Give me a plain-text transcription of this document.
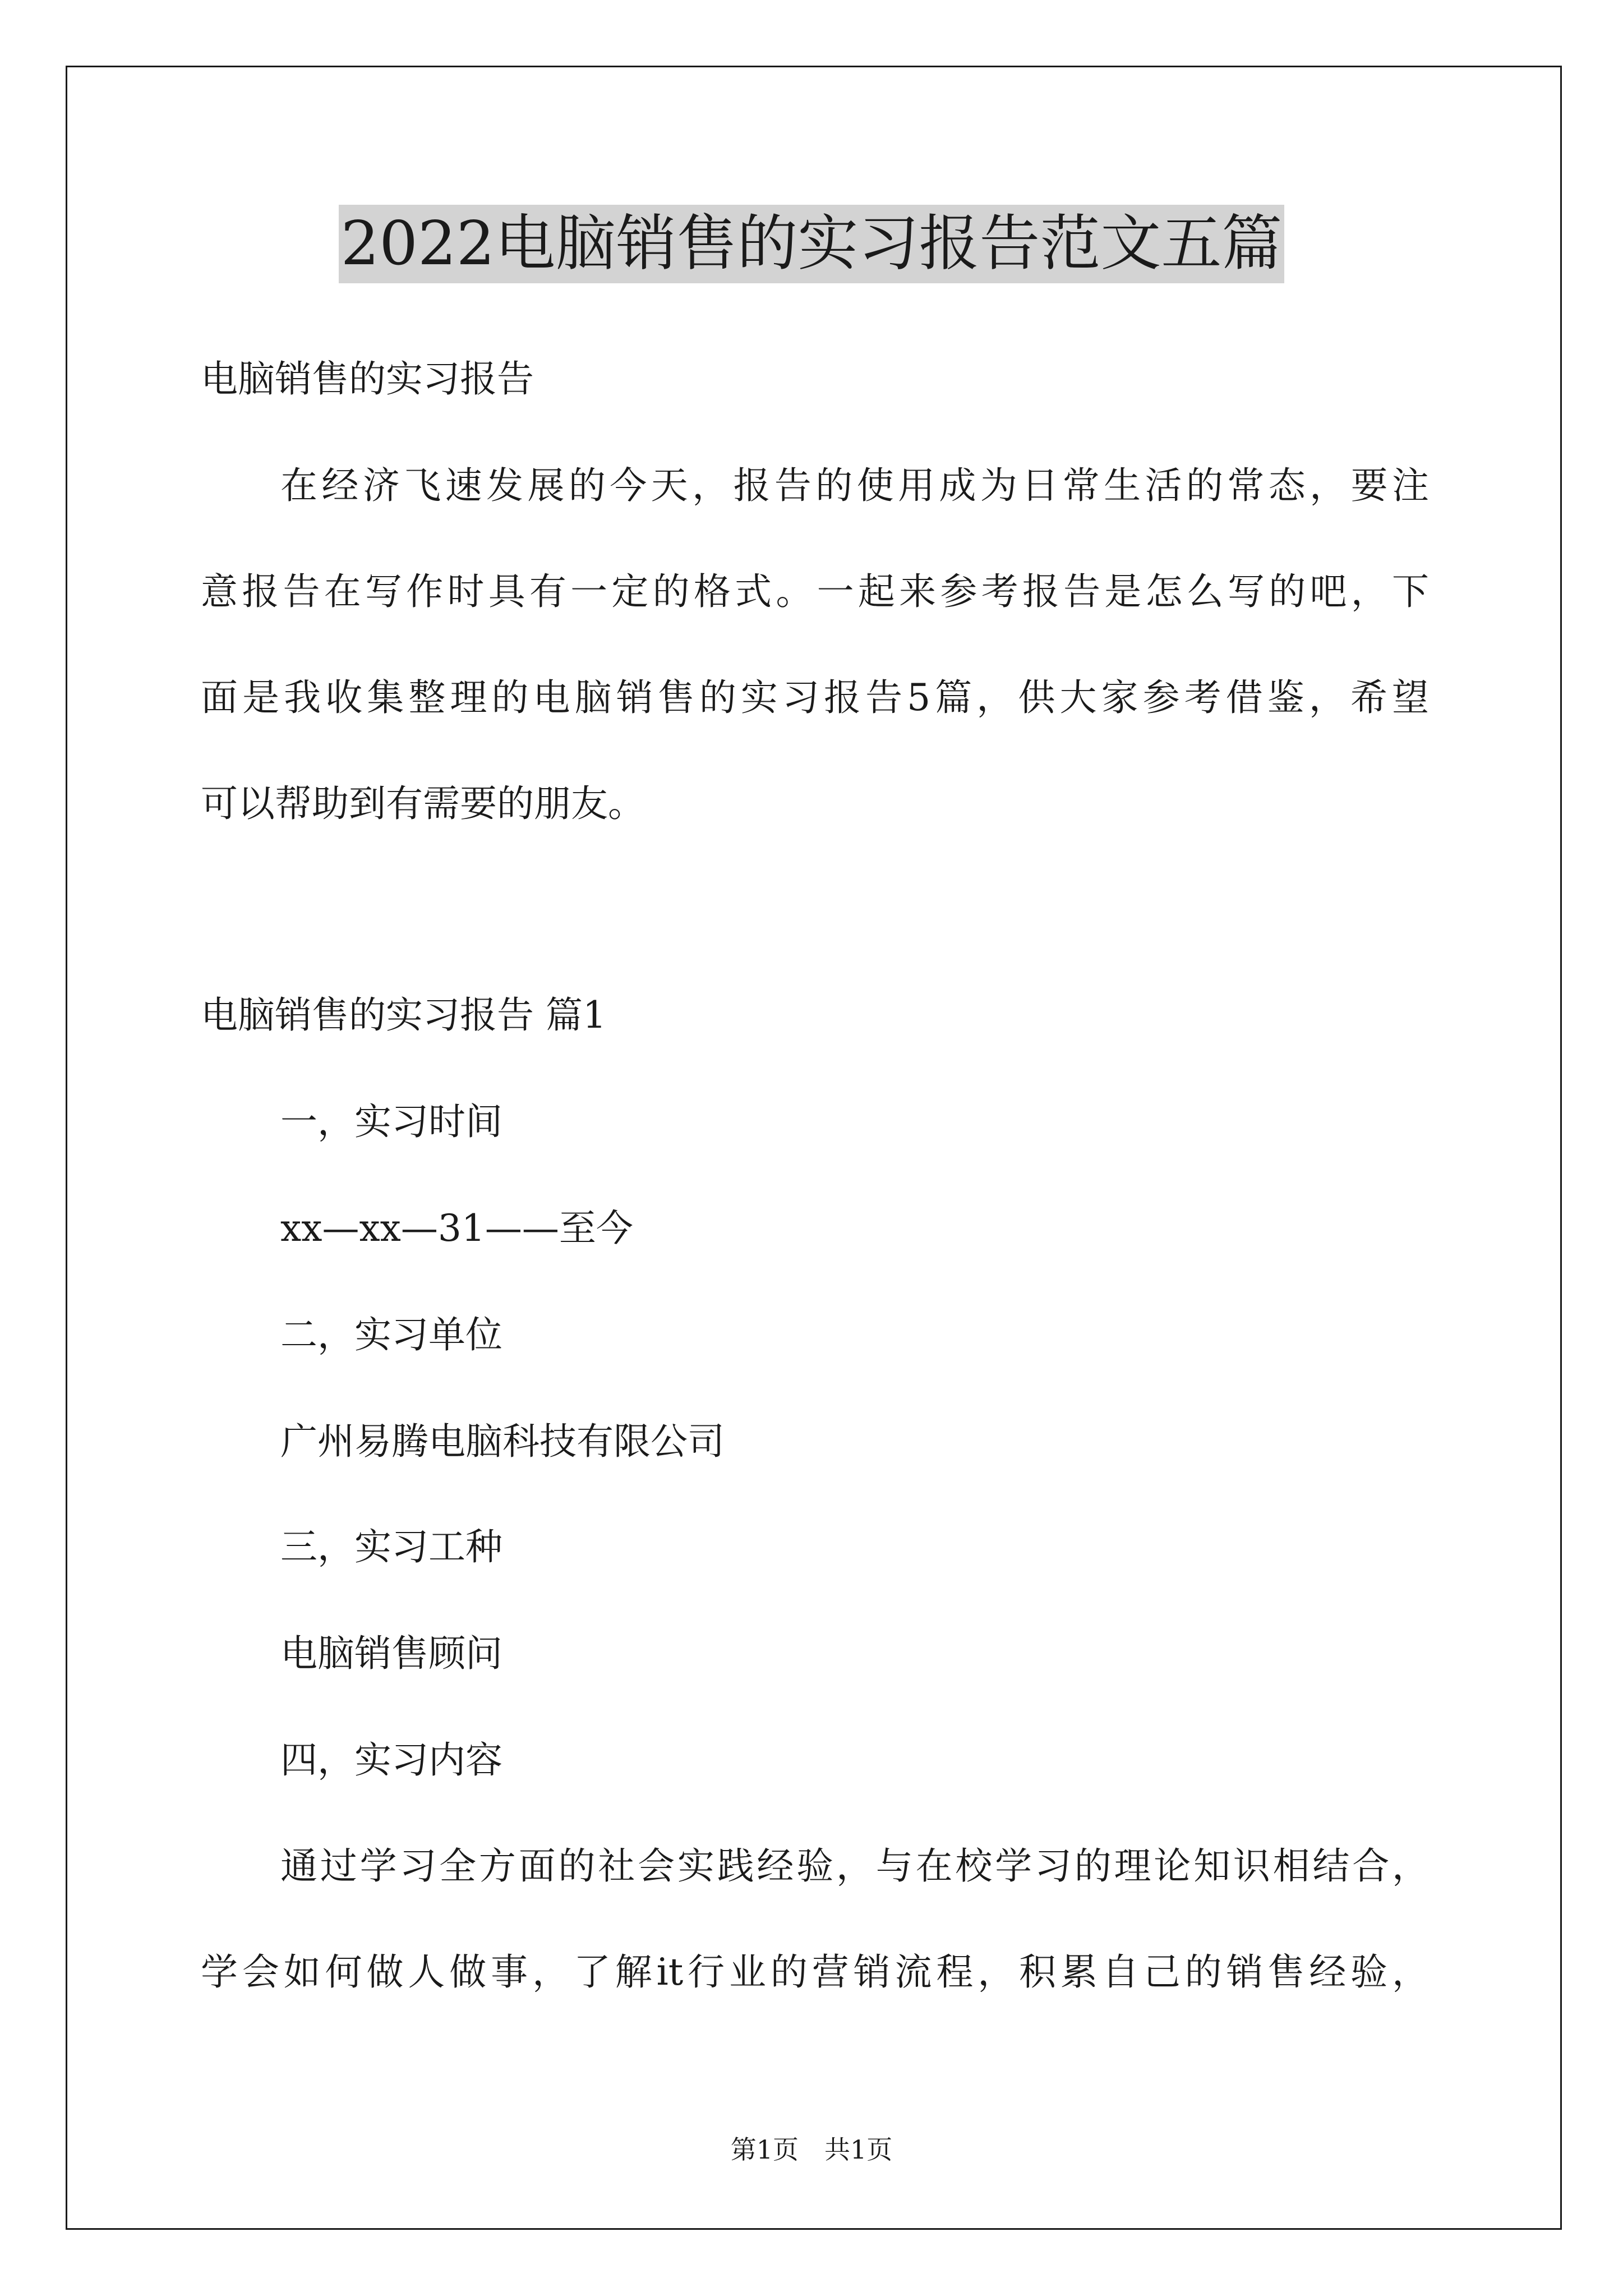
2022电脑销售的实习报告范文五篇
电脑销售的实习报告
在经济飞速发展的今天，报告的使用成为日常生活的常态，要注
意报告在写作时具有一定的格式。一起来参考报告是怎么写的吧，下
面是我收集整理的电脑销售的实习报告5篇，供大家参考借鉴，希望
可以帮助到有需要的朋友。
电脑销售的实习报告 篇1
一，实习时间
xx—xx—31——至今
二，实习单位
广州易腾电脑科技有限公司
三，实习工种
电脑销售顾问
四，实习内容
通过学习全方面的社会实践经验，与在校学习的理论知识相结合，
学会如何做人做事，了解it行业的营销流程，积累自己的销售经验，
第1页　共1页
